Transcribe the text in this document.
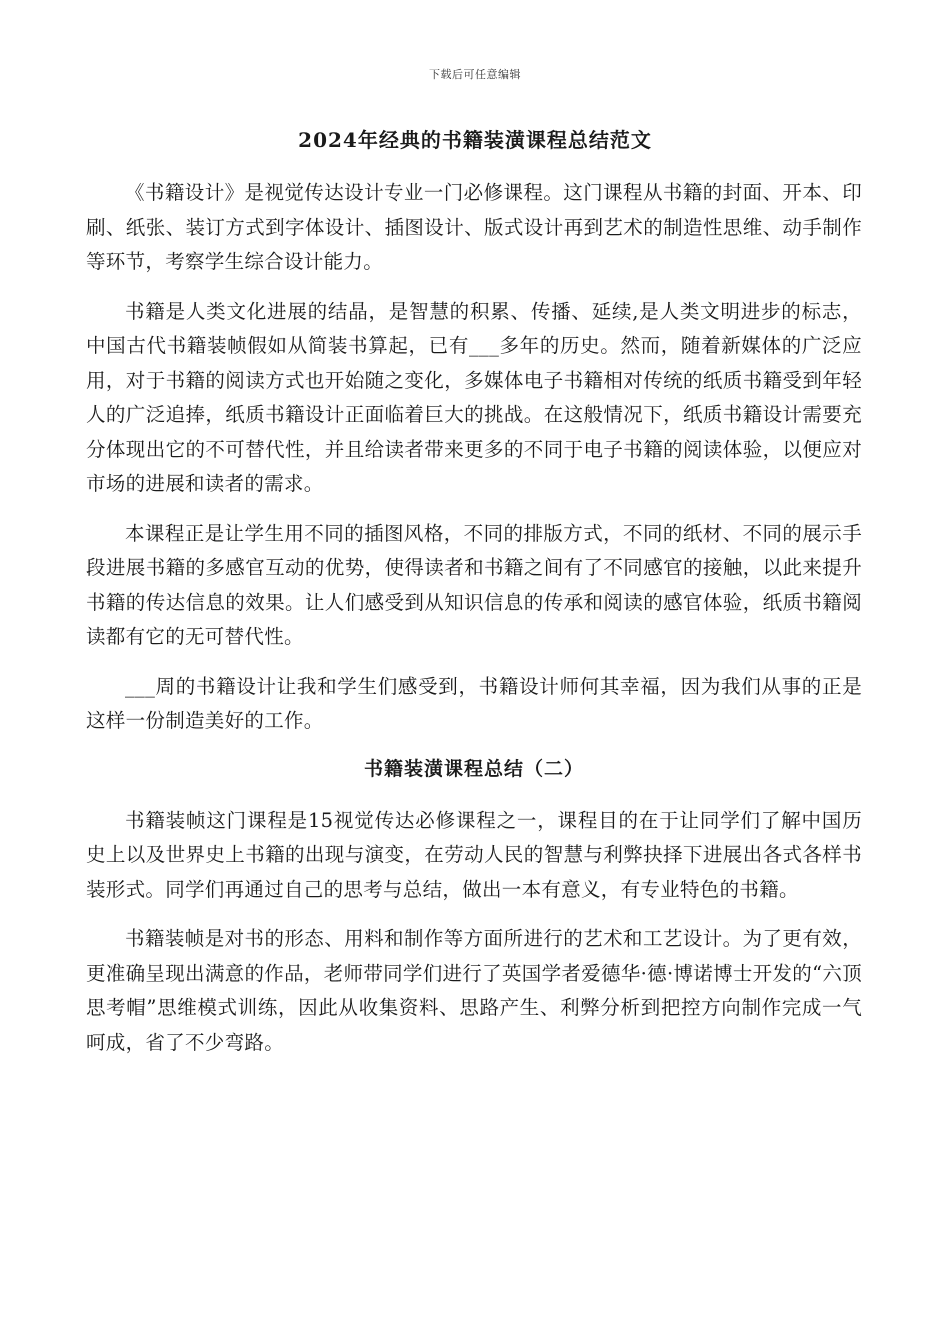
下载后可任意编辑
2024年经典的书籍装潢课程总结范文

《书籍设计》是视觉传达设计专业一门必修课程。这门课程从书籍的封面、开本、印刷、纸张、装订方式到字体设计、插图设计、版式设计再到艺术的制造性思维、动手制作等环节，考察学生综合设计能力。

书籍是人类文化进展的结晶，是智慧的积累、传播、延续,是人类文明进步的标志，中国古代书籍装帧假如从简装书算起，已有___多年的历史。然而，随着新媒体的广泛应用，对于书籍的阅读方式也开始随之变化，多媒体电子书籍相对传统的纸质书籍受到年轻人的广泛追捧，纸质书籍设计正面临着巨大的挑战。在这般情况下，纸质书籍设计需要充分体现出它的不可替代性，并且给读者带来更多的不同于电子书籍的阅读体验，以便应对市场的进展和读者的需求。

本课程正是让学生用不同的插图风格，不同的排版方式，不同的纸材、不同的展示手段进展书籍的多感官互动的优势，使得读者和书籍之间有了不同感官的接触，以此来提升书籍的传达信息的效果。让人们感受到从知识信息的传承和阅读的感官体验，纸质书籍阅读都有它的无可替代性。

___周的书籍设计让我和学生们感受到，书籍设计师何其幸福，因为我们从事的正是这样一份制造美好的工作。

书籍装潢课程总结（二）

书籍装帧这门课程是15视觉传达必修课程之一，课程目的在于让同学们了解中国历史上以及世界史上书籍的出现与演变，在劳动人民的智慧与利弊抉择下进展出各式各样书装形式。同学们再通过自己的思考与总结，做出一本有意义，有专业特色的书籍。

书籍装帧是对书的形态、用料和制作等方面所进行的艺术和工艺设计。为了更有效，更准确呈现出满意的作品，老师带同学们进行了英国学者爱德华·德·博诺博士开发的“六顶思考帽”思维模式训练，因此从收集资料、思路产生、利弊分析到把控方向制作完成一气呵成，省了不少弯路。
